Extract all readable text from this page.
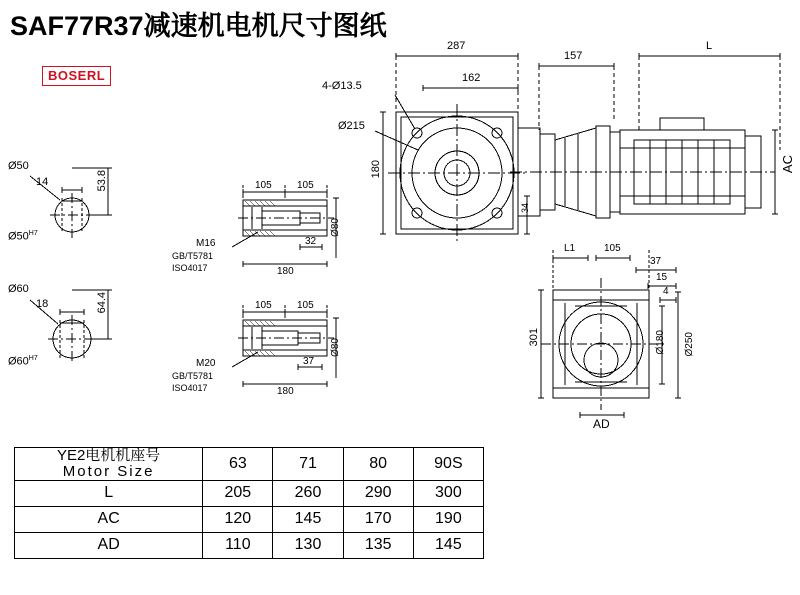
SAF77R37减速机电机尺寸图纸
BOSERL
287
162
157
L
4-Ø13.5
Ø215
180
34
AC
L1	105
37
15
4
301	Ø180 Ø250
AD
Ø50
14	53.8
$Ø50^{H7}$
Ø60
18	64.4
$Ø60^{H7}$
105	105
32
180
Ø80
M16
GB/T5781
ISO4017
105	105
37
180
Ø80
M20
GB/T5781
ISO4017
YE2电机机座号
Motor Size	63	71	80	90S
L	205	260	290	300
AC	120	145	170	190
AD	110	130	135	145
